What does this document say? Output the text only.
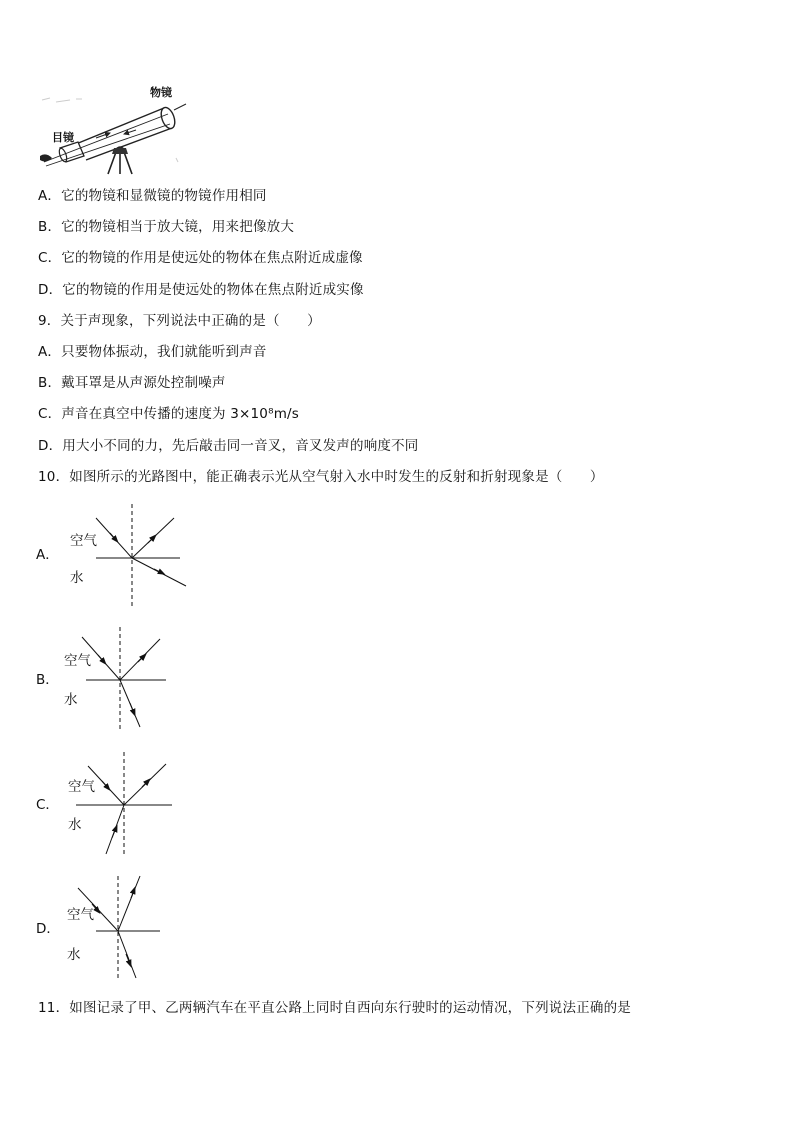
物镜
目镜
A．它的物镜和显微镜的物镜作用相同
B．它的物镜相当于放大镜，用来把像放大
C．它的物镜的作用是使远处的物体在焦点附近成虚像
D．它的物镜的作用是使远处的物体在焦点附近成实像
9．关于声现象，下列说法中正确的是（　　）
A．只要物体振动，我们就能听到声音
B．戴耳罩是从声源处控制噪声
C．声音在真空中传播的速度为 3×10⁸m/s
D．用大小不同的力，先后敲击同一音叉，音叉发声的响度不同
10．如图所示的光路图中，能正确表示光从空气射入水中时发生的反射和折射现象是（　　）
A．
空气
水
B．
空气
水
C．
空气
水
D．
空气
水
11．如图记录了甲、乙两辆汽车在平直公路上同时自西向东行驶时的运动情况，下列说法正确的是
